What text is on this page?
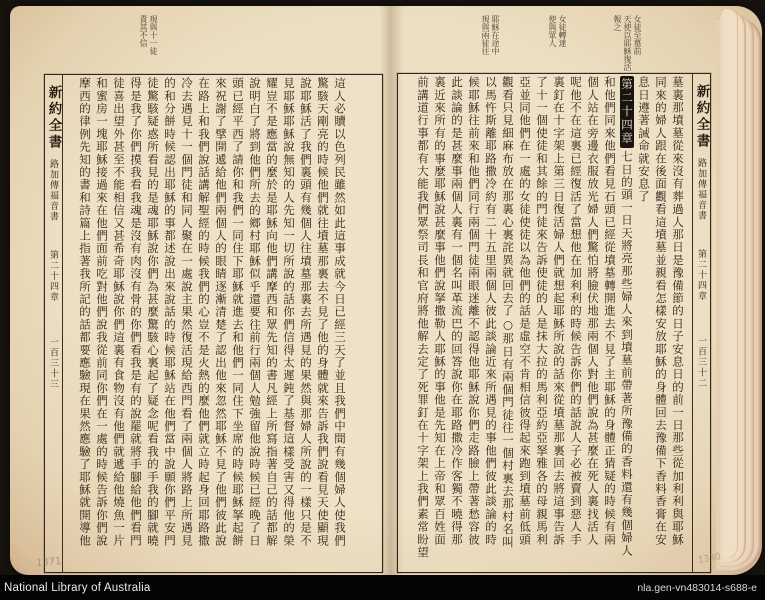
現與十一徒
責其不信
新約全書
路加傳福音書
第二十四章
一百三十三	這人必贖以色列民雖然如此這事成就今日已經三天了並且我們中間有幾個婦人使我們
驚駭天剛亮的時候他們就往墳墓那裏去不見了他的身體就來告訴我們說看見天使顯現
說耶穌活了我們裏頭有幾個人往墳墓那裏去所遇見的果然與那婦人所說的一樣只是不
見耶穌耶穌說無知的人先知一切所說的話你們信得太遲鈍了基督這樣受害又得他的榮
耀豈不是應當的麼於是耶穌向他們講摩西和眾先知的書凡經上所寫指著自己的話都解
說明白了將到他們所去的鄉村耶穌似乎還要往前行兩個人勉強留他說時候已經晚了日
頭已經平西了請你和我們一同住下耶穌就進去和他們一同住下坐席的時候耶穌拏起餅
來祝謝了擘開遞給他們兩個人的眼睛逐漸清楚了認出他來忽然耶穌不見了他們彼此說
在路上和我們說話講解聖經的時候我們的心豈不是火熱的麼他們就立時起身回耶路撒
冷去遇見十一個門徒和同人聚在一處說主果然復活現給西門看了兩個人將路上所遇見
的和分餅時候認出耶穌的事都述說出來說話的時候耶穌站在他們當中說願你們平安門
徒驚駭疑惑所看見的是魂耶穌說你們為甚麼驚駭心裏起了疑念呢看我的手我的腳就曉
得是我了你們摸我看我魂是沒有肉沒有骨的你們看我是有的說罷就將手腳給他們看門
徒喜出望外甚至不能相信又甚希奇耶穌說你們這裏有食物沒有他們就遞給他燒魚一片
和蜜房一塊耶穌接過來在他們面前吃對他們說我從前同你們在一處的時候告訴你們說
摩西的律例先知的書和詩篇上指著我所記的話都要應驗現在果然應驗了耶穌就開導他
女徒至墓前
天使以耶穌復活報之
女徒轉達
使與眾人
耶穌在途中
現與兩徒往
墓裏那墳墓從來沒有葬過人那日是豫備節的日子安息日的前一日那些從加利利與耶穌
同來的婦人跟在後面觀看這墳墓並親看怎樣安放耶穌的身體回去豫備下香料香膏在安
息日遵著誡命就安息了
第二十四章七日的頭一日天將亮那些婦人來到墳墓前帶著所豫備的香料還有幾個婦人
和他們同來他們看見石頭已經從墳墓轉開進去不見了主耶穌的身體正猜疑的時候有兩
個人站在旁邊衣服放光婦人們驚怕將臉伏地那兩個人對他們說為甚麼在死人裏找活人
呢他不在這裏已經復活了當想他在加利利的時候告訴你們的話說人子必被賣到惡人手
裏釘在十字架上第三日復活婦人們就想起耶穌所說的話來從墳墓那裏回去將這事告訴
了十一個使徒和其餘的門徒來告訴使徒的人是抹大拉的馬利亞約亞拏雅各的母親馬利
亞並同他們在一處的女徒使徒以為他們的話是虛空不肯相信彼得起來跑到墳墓前低頭
觀看只見細麻布放在那裏心裏詫異就回去了○那日有兩個門徒往一個村裏去那村名叫
以馬忤斯離耶路撒冷約有二十五里兩個人彼此談論近來所遇見的事他們彼此談論的時
候耶穌往前來和他們同行兩個門徒兩眼迷離不認得他耶穌說你們走路臉上帶著愁容彼
此談論的是甚麼事兩個人裏有一個名叫革流巴的回答說你在耶路撒冷作客獨不曉得那
裏近來所有的事麼耶穌說甚麼事他們說拏撒勒人耶穌的事他是先知在上帝和眾百姓面
前講道行事都有大能我們眾祭司長和官府將他解去定了死罪釘在十字架上我們素常盼望	新約全書
路加傳福音書
第二十四章
一百三十二
1371	1330
National Library of Australia	nla.gen-vn483014-s688-e
